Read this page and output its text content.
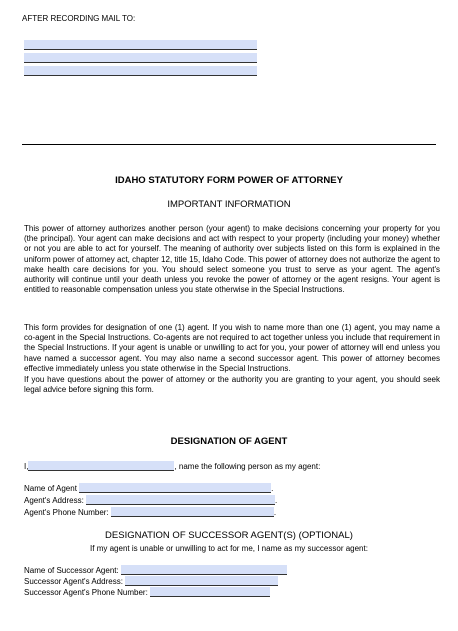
AFTER RECORDING MAIL TO:
IDAHO STATUTORY FORM POWER OF ATTORNEY
IMPORTANT INFORMATION
This power of attorney authorizes another person (your agent) to make decisions concerning your property for you (the principal). Your agent can make decisions and act with respect to your property (including your money) whether or not you are able to act for yourself. The meaning of authority over subjects listed on this form is explained in the uniform power of attorney act, chapter 12, title 15, Idaho Code. This power of attorney does not authorize the agent to make health care decisions for you. You should select someone you trust to serve as your agent. The agent's authority will continue until your death unless you revoke the power of attorney or the agent resigns. Your agent is entitled to reasonable compensation unless you state otherwise in the Special Instructions.
This form provides for designation of one (1) agent. If you wish to name more than one (1) agent, you may name a co-agent in the Special Instructions. Co-agents are not required to act together unless you include that requirement in the Special Instructions. If your agent is unable or unwilling to act for you, your power of attorney will end unless you have named a successor agent. You may also name a second successor agent. This power of attorney becomes effective immediately unless you state otherwise in the Special Instructions.
If you have questions about the power of attorney or the authority you are granting to your agent, you should seek legal advice before signing this form.
DESIGNATION OF AGENT
I,	, name the following person as my agent:
Name of Agent	.
Agent's Address:	.
Agent's Phone Number:	.
DESIGNATION OF SUCCESSOR AGENT(S) (OPTIONAL)
If my agent is unable or unwilling to act for me, I name as my successor agent:
Name of Successor Agent:
Successor Agent's Address:
Successor Agent's Phone Number:
